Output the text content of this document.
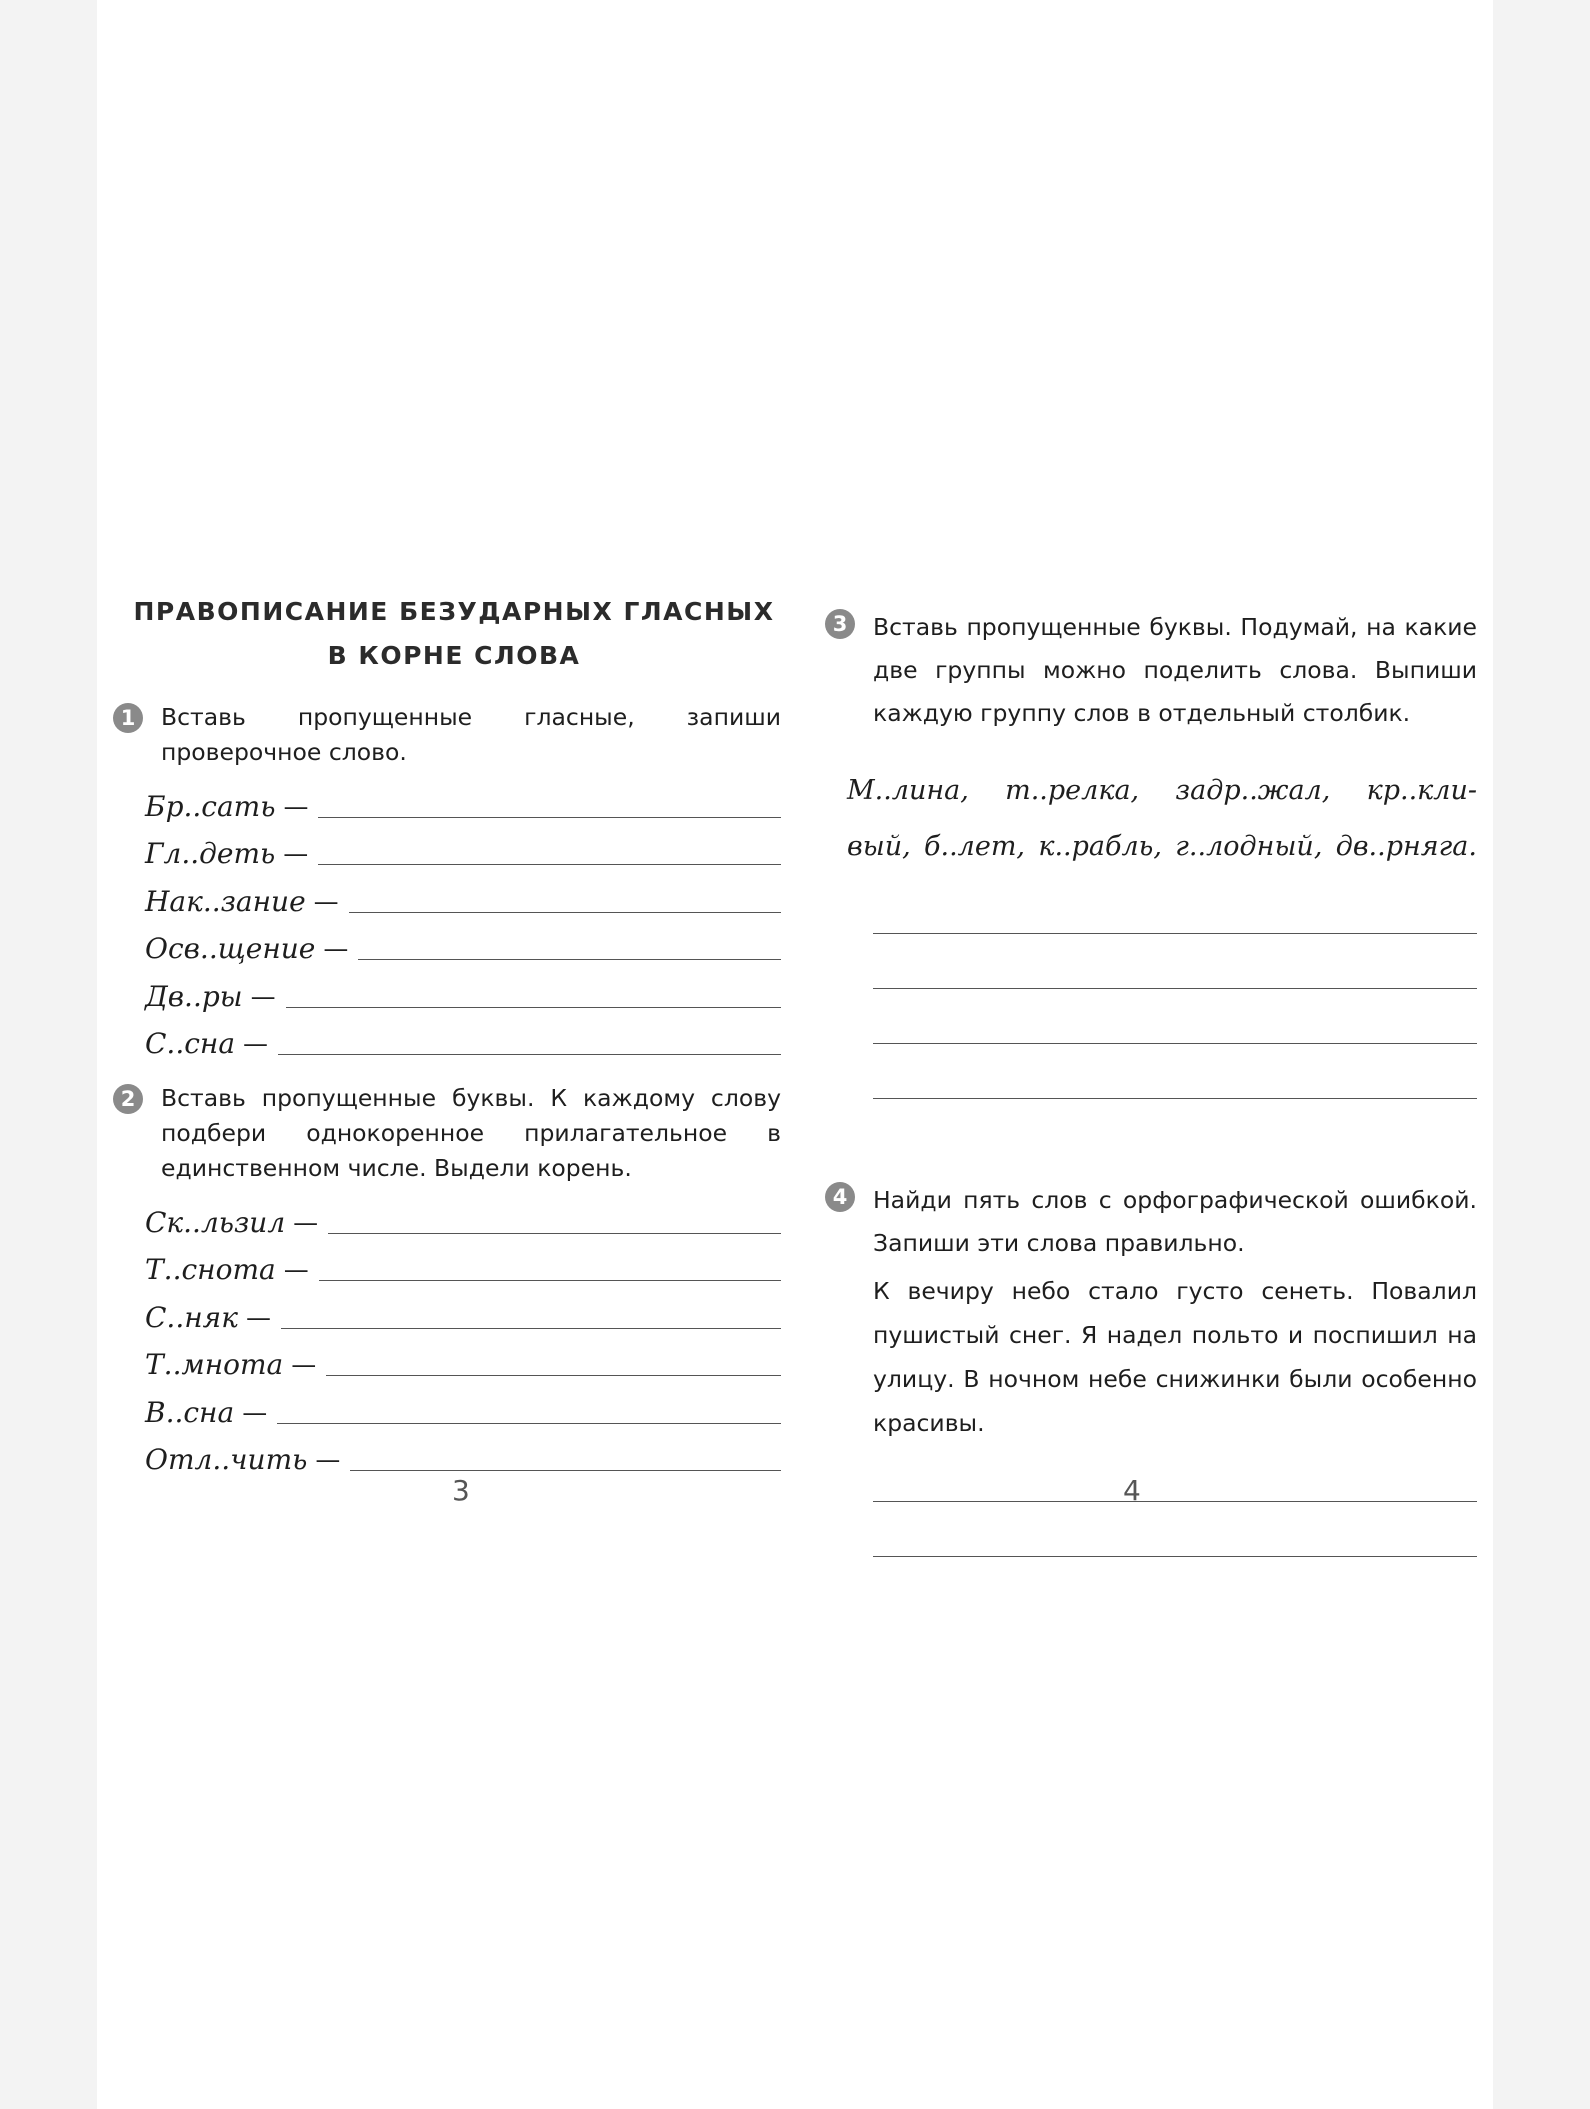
ПРАВОПИСАНИЕ БЕЗУДАРНЫХ ГЛАСНЫХ
В КОРНЕ СЛОВА
1	Вставь пропущенные гласные, запиши проверочное слово.
Бр..сать —
Гл..деть —
Нак..зание —
Осв..щение —
Дв..ры —
С..сна —
2	Вставь пропущенные буквы. К каждому слову подбери однокоренное прилагательное в единственном числе. Выдели корень.
Ск..льзил —
Т..снота —
С..няк —
Т..мнота —
В..сна —
Отл..чить —
3	Вставь пропущенные буквы. Подумай, на какие две группы можно поделить слова. Выпиши каждую группу слов в отдельный столбик.
М..лина, т..релка, задр..жал, кр..кли-
вый, б..лет, к..рабль, г..лодный, дв..рняга.
4	Найди пять слов с орфографической ошибкой. Запиши эти слова правильно.
К вечиру небо стало густо сенеть. Повалил пушистый снег. Я надел польто и поспишил на улицу. В ночном небе снижинки были особенно красивы.
3	4
